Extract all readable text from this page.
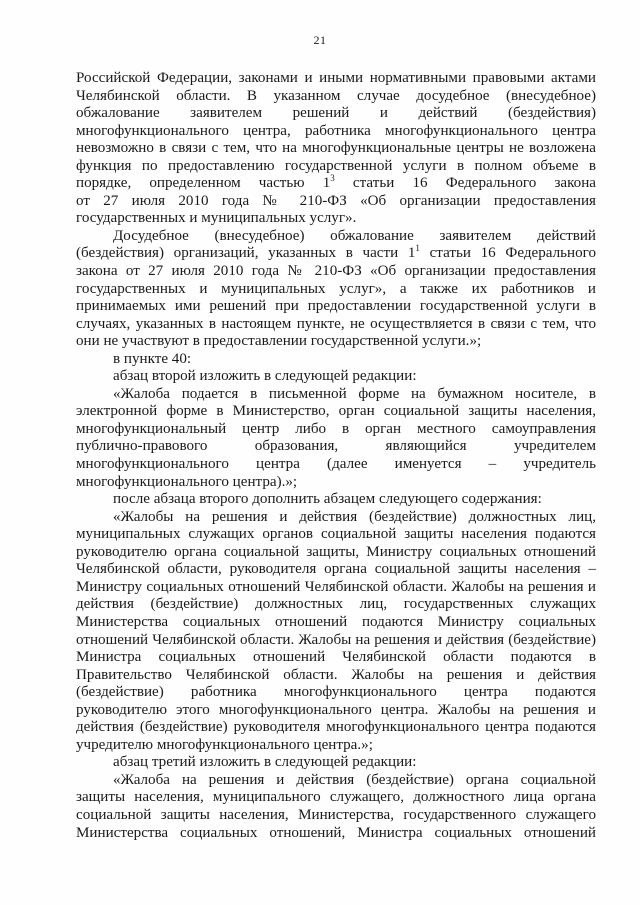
21
Российской Федерации, законами и иными нормативными правовыми актами
Челябинской области. В указанном случае досудебное (внесудебное)
обжалование заявителем решений и действий (бездействия)
многофункционального центра, работника многофункционального центра
невозможно в связи с тем, что на многофункциональные центры не возложена
функция по предоставлению государственной услуги в полном объеме в
порядке, определенном частью $1^3$ статьи 16 Федерального закона
от 27 июля 2010 года № 210-ФЗ «Об организации предоставления
государственных и муниципальных услуг».
Досудебное (внесудебное) обжалование заявителем действий
(бездействия) организаций, указанных в части $1^1$ статьи 16 Федерального
закона от 27 июля 2010 года № 210-ФЗ «Об организации предоставления
государственных и муниципальных услуг», а также их работников и
принимаемых ими решений при предоставлении государственной услуги в
случаях, указанных в настоящем пункте, не осуществляется в связи с тем, что
они не участвуют в предоставлении государственной услуги.»;
в пункте 40:
абзац второй изложить в следующей редакции:
«Жалоба подается в письменной форме на бумажном носителе, в
электронной форме в Министерство, орган социальной защиты населения,
многофункциональный центр либо в орган местного самоуправления
публично-правового образования, являющийся учредителем
многофункционального центра (далее именуется – учредитель
многофункционального центра).»;
после абзаца второго дополнить абзацем следующего содержания:
«Жалобы на решения и действия (бездействие) должностных лиц,
муниципальных служащих органов социальной защиты населения подаются
руководителю органа социальной защиты, Министру социальных отношений
Челябинской области, руководителя органа социальной защиты населения –
Министру социальных отношений Челябинской области. Жалобы на решения и
действия (бездействие) должностных лиц, государственных служащих
Министерства социальных отношений подаются Министру социальных
отношений Челябинской области. Жалобы на решения и действия (бездействие)
Министра социальных отношений Челябинской области подаются в
Правительство Челябинской области. Жалобы на решения и действия
(бездействие) работника многофункционального центра подаются
руководителю этого многофункционального центра. Жалобы на решения и
действия (бездействие) руководителя многофункционального центра подаются
учредителю многофункционального центра.»;
абзац третий изложить в следующей редакции:
«Жалоба на решения и действия (бездействие) органа социальной
защиты населения, муниципального служащего, должностного лица органа
социальной защиты населения, Министерства, государственного служащего
Министерства социальных отношений, Министра социальных отношений
